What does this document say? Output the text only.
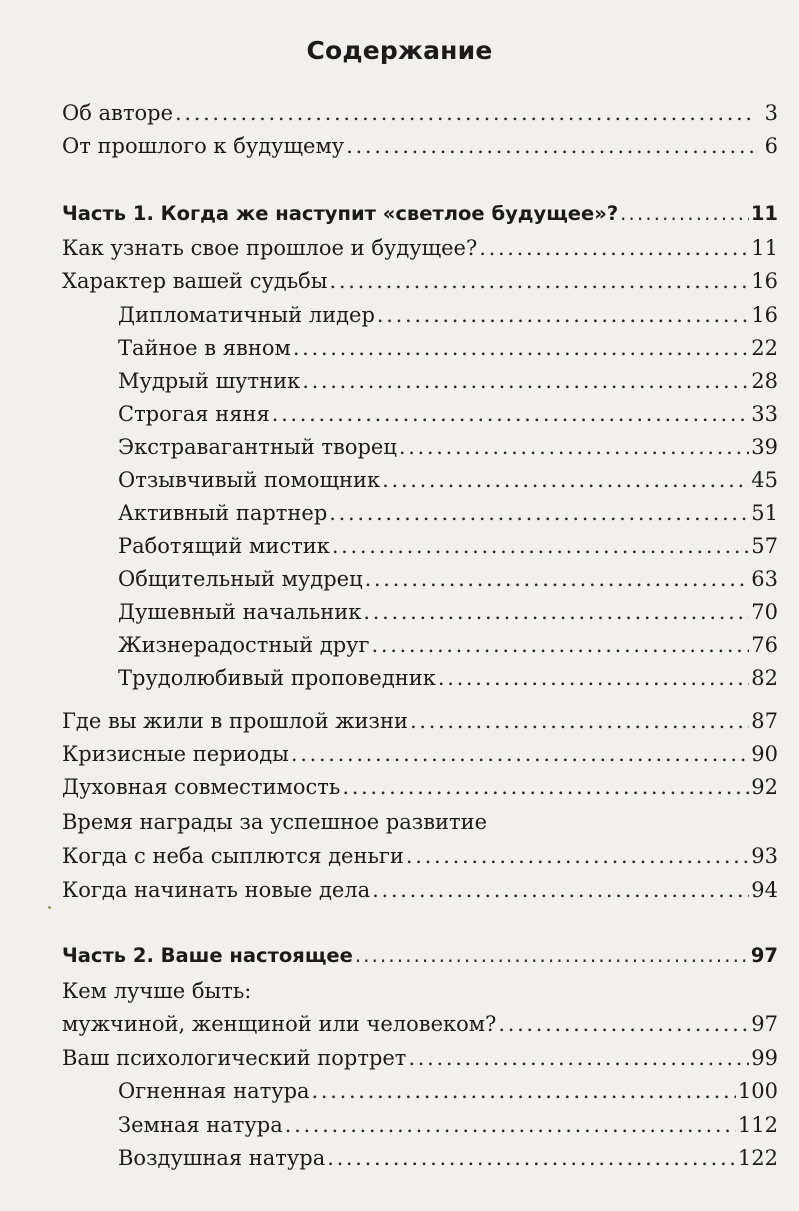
Содержание
Об авторе . . .	3
От прошлого к будущему . . .	6
Часть 1. Когда же наступит «светлое будущее»? . . .	11
Как узнать свое прошлое и будущее? . . .	11
Характер вашей судьбы . . .	16
Дипломатичный лидер . . .	16
Тайное в явном . . .	22
Мудрый шутник . . .	28
Строгая няня . . .	33
Экстравагантный творец . . .	39
Отзывчивый помощник . . .	45
Активный партнер . . .	51
Работящий мистик . . .	57
Общительный мудрец . . .	63
Душевный начальник . . .	70
Жизнерадостный друг . . .	76
Трудолюбивый проповедник . . .	82
Где вы жили в прошлой жизни . . .	87
Кризисные периоды . . .	90
Духовная совместимость . . .	92
Время награды за успешное развитие
Когда с неба сыплются деньги . . .	93
Когда начинать новые дела . . .	94
Часть 2. Ваше настоящее . . .	97
Кем лучше быть:
мужчиной, женщиной или человеком? . . .	97
Ваш психологический портрет . . .	99
Огненная натура . . .	100
Земная натура . . .	112
Воздушная натура . . .	122
